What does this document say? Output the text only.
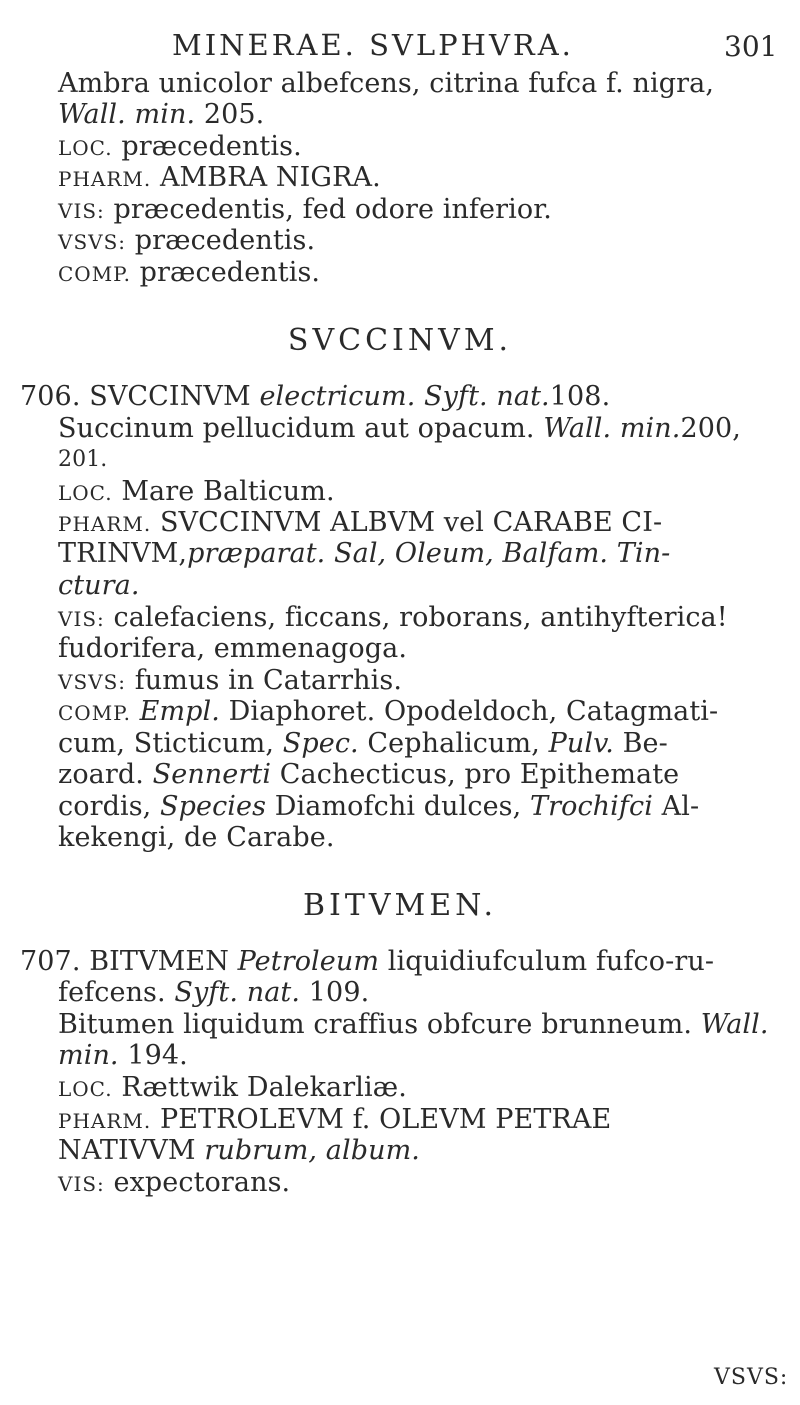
MINERAE. SVLPHVRA.	301
Ambra unicolor albefcens, citrina fufca f. nigra,
Wall. min. 205.
LOC. præcedentis.
PHARM. AMBRA NIGRA.
VIS: præcedentis, fed odore inferior.
VSVS: præcedentis.
COMP. præcedentis.
SVCCINVM.
706. SVCCINVM electricum. Syft. nat.108.
Succinum pellucidum aut opacum. Wall. min.200,
201.
LOC. Mare Balticum.
PHARM. SVCCINVM ALBVM vel CARABE CI-
TRINVM,præparat. Sal, Oleum, Balfam. Tin-
ctura.
VIS: calefaciens, ficcans, roborans, antihyfterica!
fudorifera, emmenagoga.
VSVS: fumus in Catarrhis.
COMP. Empl. Diaphoret. Opodeldoch, Catagmati-
cum, Sticticum, Spec. Cephalicum, Pulv. Be-
zoard. Sennerti Cachecticus, pro Epithemate
cordis, Species Diamofchi dulces, Trochifci Al-
kekengi, de Carabe.
BITVMEN.
707. BITVMEN Petroleum liquidiufculum fufco-ru-
fefcens. Syft. nat. 109.
Bitumen liquidum craffius obfcure brunneum. Wall.
min. 194.
LOC. Rættwik Dalekarliæ.
PHARM. PETROLEVM f. OLEVM PETRAE
NATIVVM rubrum, album.
VIS: expectorans.
VSVS:
